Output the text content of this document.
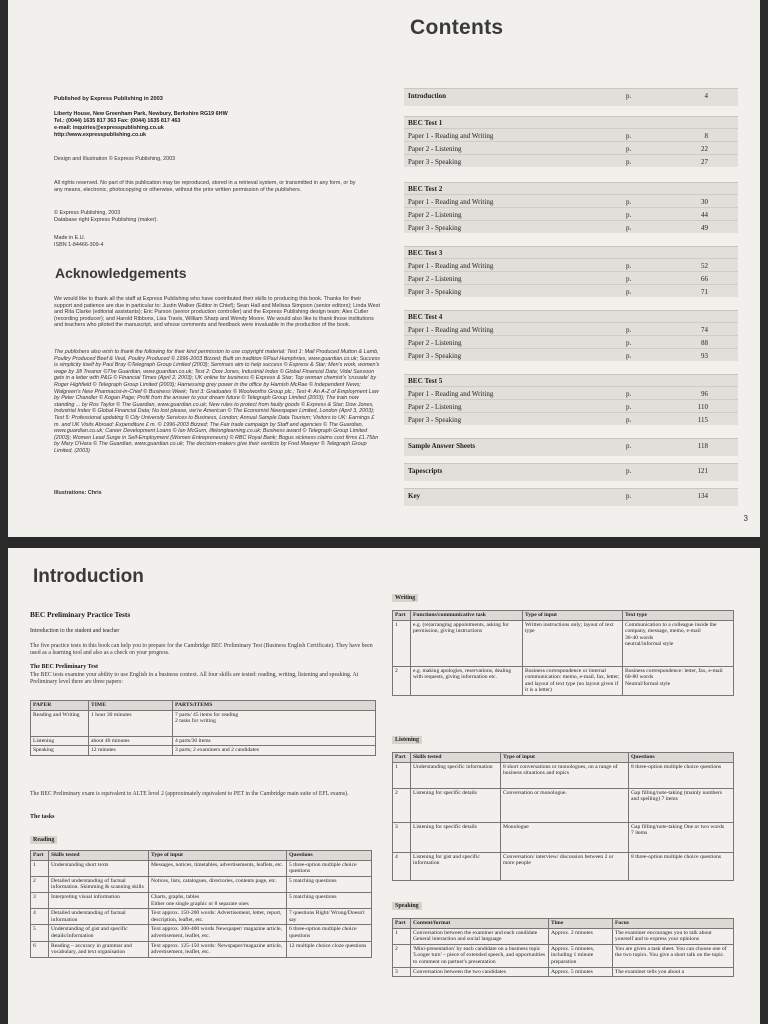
Published by Express Publishing in 2003
Liberty House, New Greenham Park, Newbury, Berkshire RG19 6HW
Tel.: (0044) 1635 817 363 Fax: (0044) 1635 817 463
e-mail: inquiries@expresspublishing.co.uk
http://www.expresspublishing.co.uk
Design and Illustration © Express Publishing, 2003
All rights reserved. No part of this publication may be reproduced, stored in a retrieval system, or transmitted in any form, or by any means, electronic, photocopying or otherwise, without the prior written permission of the publishers.
© Express Publishing, 2003
Database right Express Publishing (maker).
Made in E.U.
ISBN 1-84466-309-4
Acknowledgements
We would like to thank all the staff at Express Publishing who have contributed their skills to producing this book. Thanks for their support and patience are due in particular to: Justin Walker (Editor in Chief); Sean Hall and Melissa Simpson (senior editors); Linda West and Rita Clarke (editorial assistants); Eric Parson (senior production controller) and the Express Publishing design team; Alex Cutler (recording producer); and Harold Ribbons, Lisa Travis, William Sharp and Wendy Moore. We would also like to thank those institutions and teachers who piloted the manuscript, and whose comments and feedback were invaluable in the production of the book.
The publishers also wish to thank the following for their kind permission to use copyright material: Test 1: Mail Produced Mutton & Lamb, Poultry Produced Beef & Veal, Poultry Produced © 1996-2003 Bizzed; Built on tradition ©Paul Humphries, www.guardian.co.uk; Success is simplicity itself by Paul Bray ©Telegraph Group Limited (2003); Seminars aim to help success © Express & Star; Men's work, women's wage by Jill Treanor ©The Guardian, www.guardian.co.uk; Test 2: Dow Jones, Industrial Index © Global Financial Data; Vidal Sassoon gets in a letter with P&G © Financial Times (April 2, 2003); UK online for business © Express & Star; Top woman chemist's 'crusade' by Roger Highfield © Telegraph Group Limited (2003); Harnessing grey power in the office by Hamish McRae © Independent News; Walgreen's New Pharmacist-in-Chief © Business Week; Test 3: Graduates © Woolworths Group plc.; Test 4: An A-Z of Employment Law by Peter Chandler © Kogan Page; Profit from the answer to your dream future © Telegraph Group Limited (2003); The train now standing ... by Ros Taylor © The Guardian, www.guardian.co.uk; New rules to protect from faulty goods © Express & Star; Dow Jones, Industrial Index © Global Financial Data; No lost please, we're American © The Economist Newspaper Limited, London (April 3, 2003); Test 5: Professional updating © City University Services to Business, London; Annual Sample Data Tourism; Visitors to UK: Earnings £ m. and UK Visits Abroad: Expenditure £ m. © 1996-2003 Bizzed; The Fair trade campaign by Staff and agencies © The Guardian, www.guardian.co.uk; Career Development Loans © Ian McGurn, lifelonglearning.co.uk; Business award © Telegraph Group Limited (2003); Women Lead Surge in Self-Employment (Women Entrepreneurs) © RBC Royal Bank; Bogus sickness claims cost firms £1.75bn by Mary O'Hara © The Guardian, www.guardian.co.uk; The decision-makers give their verdicts by Fred Mawyer © Telegraph Group Limited, (2003)
Illustrations: Chris
Contents
Introduction	p.	4
BEC Test 1
Paper 1 - Reading and Writing	p.	8
Paper 2 - Listening	p.	22
Paper 3 - Speaking	p.	27
BEC Test 2
Paper 1 - Reading and Writing	p.	30
Paper 2 - Listening	p.	44
Paper 3 - Speaking	p.	49
BEC Test 3
Paper 1 - Reading and Writing	p.	52
Paper 2 - Listening	p.	66
Paper 3 - Speaking	p.	71
BEC Test 4
Paper 1 - Reading and Writing	p.	74
Paper 2 - Listening	p.	88
Paper 3 - Speaking	p.	93
BEC Test 5
Paper 1 - Reading and Writing	p.	96
Paper 2 - Listening	p.	110
Paper 3 - Speaking	p.	115
Sample Answer Sheets	p.	118
Tapescripts	p.	121
Key	p.	134
3
Introduction
BEC Preliminary Practice Tests
Introduction to the student and teacher
The five practice tests in this book can help you to prepare for the Cambridge BEC Preliminary Test (Business English Certificate). They have been used as a learning tool and also as a check on your progress.
The BEC Preliminary Test
The BEC tests examine your ability to use English in a business context. All four skills are tested: reading, writing, listening and speaking. At Preliminary level there are three papers:
PAPER	TIME	PARTS/ITEMS
Reading and Writing	1 hour 30 minutes	7 parts/ 45 items for reading
2 tasks for writing
Listening	about 40 minutes	4 parts/30 items
Speaking	12 minutes	3 parts; 2 examiners and 2 candidates
The BEC Preliminary exam is equivalent to ALTE level 2 (approximately equivalent to PET in the Cambridge main suite of EFL exams).
The tasks
Reading
Part	Skills tested	Type of input	Questions
1	Understanding short texts	Messages, notices, timetables, advertisements, leaflets, etc.	5 three-option multiple choice questions
2	Detailed understanding of factual information. Skimming & scanning skills	Notices, lists, catalogues, directories, contents page, etc.	5 matching questions
3	Interpreting visual information	Charts, graphs, tables
Either one single graphic or 8 separate ones	5 matching questions
4	Detailed understanding of factual information	Text approx. 150-200 words: Advertisement, letter, report, description, leaflet, etc.	7 questions Right/ Wrong/Doesn't say
5	Understanding of gist and specific details/information	Text approx. 300-400 words Newspaper/ magazine article, advertisement, leaflet, etc.	6 three-option multiple choice questions
6	Reading – accuracy in grammar and vocabulary, and text organisation	Text approx. 125-150 words: Newspaper/magazine article, advertisement, leaflet, etc.	12 multiple choice cloze questions
Writing
Part	Functions/communicative task	Type of input	Text type
1	e.g. (re)arranging appointments, asking for permission, giving instructions	Written instructions only; layout of text type	Communication to a colleague inside the company, message, memo, e-mail
30-40 words
neutral/informal style
2	e.g. making apologies, reservations, dealing with requests, giving information etc.	Business correspondence or internal communication: memo, e-mail, fax, letter; and layout of text type (no layout given if it is a letter)	Business correspondence: letter, fax, e-mail
60-80 words
Neutral/formal style
Listening
Part	Skills tested	Type of input	Questions
1	Understanding specific information	8 short conversations or monologues, on a range of business situations and topics	8 three-option multiple choice questions
2	Listening for specific details	Conversation or monologue.	Gap filling/note-taking (mainly numbers and spelling) 7 items
3	Listening for specific details	Monologue	Gap filling/note-taking One or two words
7 items
4	Listening for gist and specific information	Conversation/ interview/ discussion between 2 or more people	8 three-option multiple choice questions
Speaking
Part	Content/format	Time	Focus
1	Conversation between the examiner and each candidate
General interaction and social language	Approx. 2 minutes	The examiner encourages you to talk about yourself and to express your opinions
2	'Mini-presentation' by each candidate on a business topic
'Longer turn' – piece of extended speech, and opportunities to comment on partner's presentation	Approx. 5 minutes, including 1 minute preparation	You are given a task sheet. You can choose one of the two topics. You give a short talk on the topic.
3	Conversation between the two candidates	Approx. 5 minutes	The examiner tells you about a
